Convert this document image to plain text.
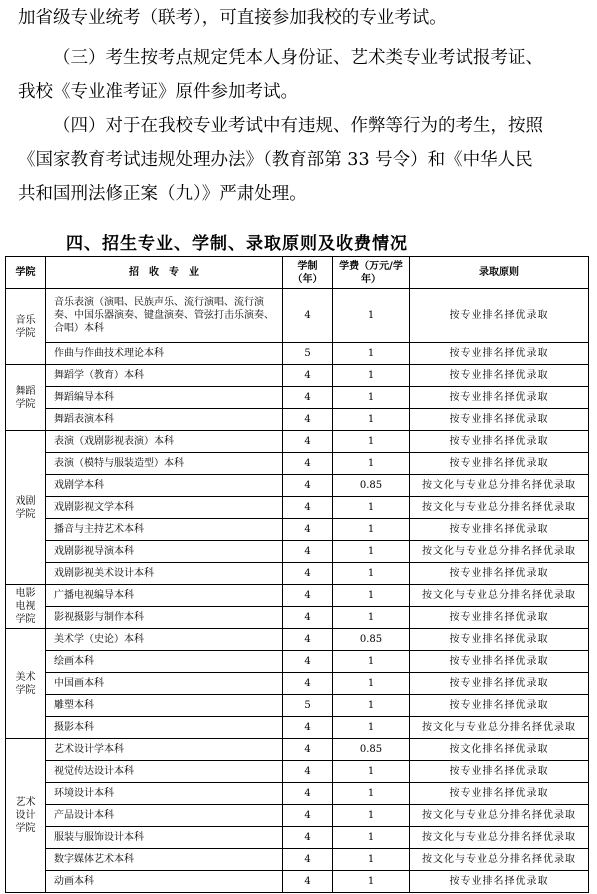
加省级专业统考（联考），可直接参加我校的专业考试。

（三）考生按考点规定凭本人身份证、艺术类专业考试报考证、

我校《专业准考证》原件参加考试。

（四）对于在我校专业考试中有违规、作弊等行为的考生，按照

《国家教育考试违规处理办法》（教育部第 33 号令）和《中华人民

共和国刑法修正案（九）》严肃处理。

四、招生专业、学制、录取原则及收费情况
学院	招　收　专　业	学制（年）	学费（万元/学年）	录取原则
音乐学院	音乐表演（演唱、民族声乐、流行演唱、流行演奏、中国乐器演奏、键盘演奏、管弦打击乐演奏、合唱）本科	4	1	按专业排名择优录取
	作曲与作曲技术理论本科	5	1	按专业排名择优录取
舞蹈学院	舞蹈学（教育）本科	4	1	按专业排名择优录取
	舞蹈编导本科	4	1	按专业排名择优录取
	舞蹈表演本科	4	1	按专业排名择优录取
戏剧学院	表演（戏剧影视表演）本科	4	1	按专业排名择优录取
	表演（模特与服装造型）本科	4	1	按专业排名择优录取
	戏剧学本科	4	0.85	按文化与专业总分排名择优录取
	戏剧影视文学本科	4	1	按文化与专业总分排名择优录取
	播音与主持艺术本科	4	1	按专业排名择优录取
	戏剧影视导演本科	4	1	按文化与专业总分排名择优录取
	戏剧影视美术设计本科	4	1	按专业排名择优录取
电影电视学院	广播电视编导本科	4	1	按文化与专业总分排名择优录取
	影视摄影与制作本科	4	1	按专业排名择优录取
美术学院	美术学（史论）本科	4	0.85	按专业排名择优录取
	绘画本科	4	1	按专业排名择优录取
	中国画本科	4	1	按专业排名择优录取
	雕塑本科	5	1	按专业排名择优录取
	摄影本科	4	1	按文化与专业总分排名择优录取
艺术设计学院	艺术设计学本科	4	0.85	按文化排名择优录取
	视觉传达设计本科	4	1	按专业排名择优录取
	环境设计本科	4	1	按专业排名择优录取
	产品设计本科	4	1	按文化与专业总分排名择优录取
	服装与服饰设计本科	4	1	按文化与专业总分排名择优录取
	数字媒体艺术本科	4	1	按文化与专业总分排名择优录取
	动画本科	4	1	按专业排名择优录取
